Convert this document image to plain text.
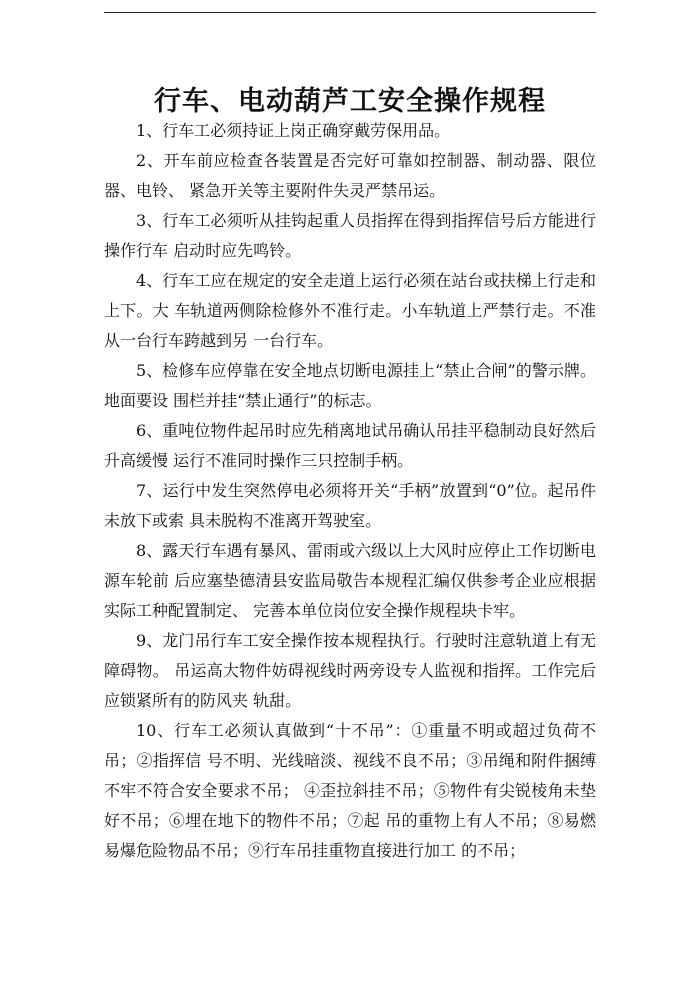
行车、电动葫芦工安全操作规程

1、行车工必须持证上岗正确穿戴劳保用品。

2、开车前应检查各装置是否完好可靠如控制器、制动器、限位器、电铃、 紧急开关等主要附件失灵严禁吊运。

3、行车工必须听从挂钩起重人员指挥在得到指挥信号后方能进行操作行车 启动时应先鸣铃。

4、行车工应在规定的安全走道上运行必须在站台或扶梯上行走和上下。大 车轨道两侧除检修外不准行走。小车轨道上严禁行走。不准从一台行车跨越到另 一台行车。

5、检修车应停靠在安全地点切断电源挂上“禁止合闸”的警示牌。地面要设 围栏并挂“禁止通行”的标志。

6、重吨位物件起吊时应先稍离地试吊确认吊挂平稳制动良好然后升高缓慢 运行不准同时操作三只控制手柄。

7、运行中发生突然停电必须将开关“手柄”放置到“0”位。起吊件未放下或索 具未脱构不准离开驾驶室。

8、露天行车遇有暴风、雷雨或六级以上大风时应停止工作切断电源车轮前 后应塞垫德清县安监局敬告本规程汇编仅供参考企业应根据实际工种配置制定、 完善本单位岗位安全操作规程块卡牢。

9、龙门吊行车工安全操作按本规程执行。行驶时注意轨道上有无障碍物。 吊运高大物件妨碍视线时两旁设专人监视和指挥。工作完后应锁紧所有的防风夹 轨甜。

10、行车工必须认真做到“十不吊”：①重量不明或超过负荷不吊；②指挥信 号不明、光线暗淡、视线不良不吊；③吊绳和附件捆缚不牢不符合安全要求不吊； ④歪拉斜挂不吊；⑤物件有尖锐棱角未垫好不吊；⑥埋在地下的物件不吊；⑦起 吊的重物上有人不吊；⑧易燃易爆危险物品不吊；⑨行车吊挂重物直接进行加工 的不吊；
